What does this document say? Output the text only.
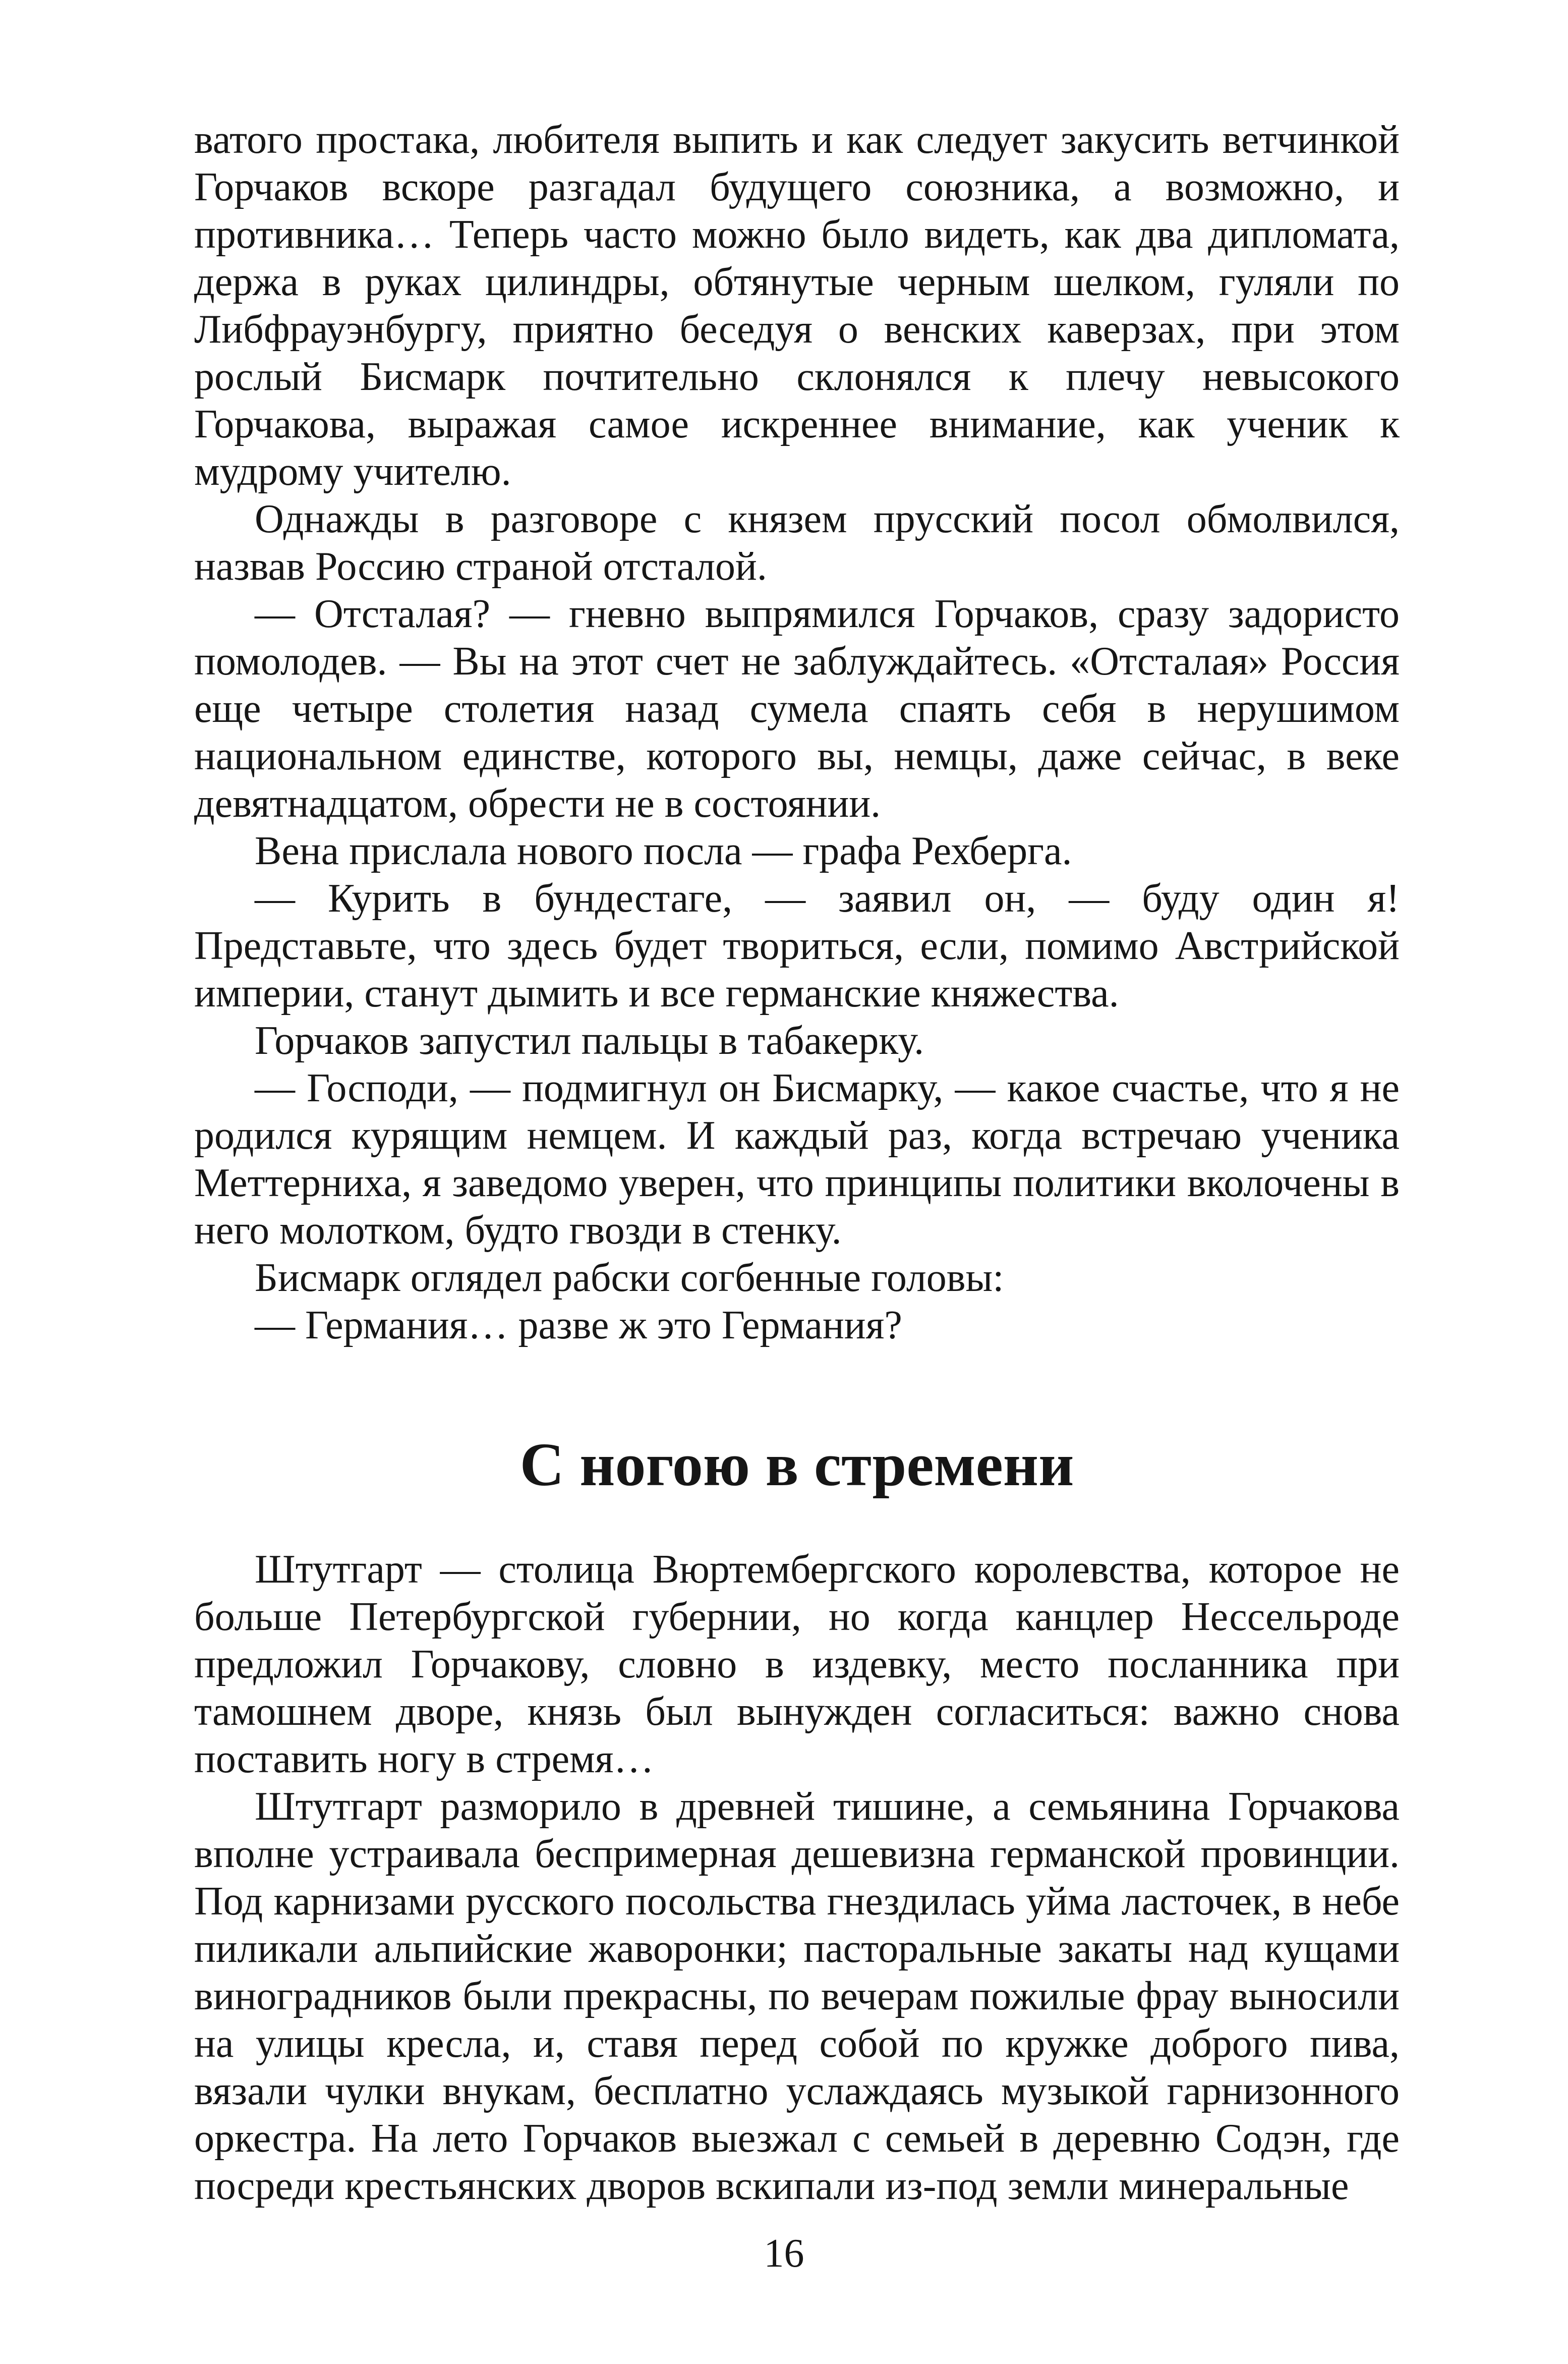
ватого простака, любителя выпить и как следует закусить ветчинкой Горчаков вскоре разгадал будущего союзника, а возможно, и противника… Теперь часто можно было видеть, как два дипломата, держа в руках цилиндры, обтянутые черным шелком, гуляли по Либфрауэнбургу, приятно беседуя о венских каверзах, при этом рослый Бисмарк почтительно склонялся к плечу невысокого Горчакова, выражая самое искреннее внимание, как ученик к мудрому учителю.

Однажды в разговоре с князем прусский посол обмолвился, назвав Россию страной отсталой.

— Отсталая? — гневно выпрямился Горчаков, сразу задористо помолодев. — Вы на этот счет не заблуждайтесь. «Отсталая» Россия еще четыре столетия назад сумела спаять себя в нерушимом национальном единстве, которого вы, немцы, даже сейчас, в веке девятнадцатом, обрести не в состоянии.

Вена прислала нового посла — графа Рехберга.

— Курить в бундестаге, — заявил он, — буду один я! Представьте, что здесь будет твориться, если, помимо Австрийской империи, станут дымить и все германские княжества.

Горчаков запустил пальцы в табакерку.

— Господи, — подмигнул он Бисмарку, — какое счастье, что я не родился курящим немцем. И каждый раз, когда встречаю ученика Меттерниха, я заведомо уверен, что принципы политики вколочены в него молотком, будто гвозди в стенку.

Бисмарк оглядел рабски согбенные головы:

— Германия… разве ж это Германия?

С ногою в стремени

Штутгарт — столица Вюртембергского королевства, которое не больше Петербургской губернии, но когда канцлер Нессельроде предложил Горчакову, словно в издевку, место посланника при тамошнем дворе, князь был вынужден согласиться: важно снова поставить ногу в стремя…

Штутгарт разморило в древней тишине, а семьянина Горчакова вполне устраивала беспримерная дешевизна германской провинции. Под карнизами русского посольства гнездилась уйма ласточек, в небе пиликали альпийские жаворонки; пасторальные закаты над кущами виноградников были прекрасны, по вечерам пожилые фрау выносили на улицы кресла, и, ставя перед собой по кружке доброго пива, вязали чулки внукам, бесплатно услаждаясь музыкой гарнизонного оркестра. На лето Горчаков выезжал с семьей в деревню Содэн, где посреди крестьянских дворов вскипали из-под земли минеральные

16
